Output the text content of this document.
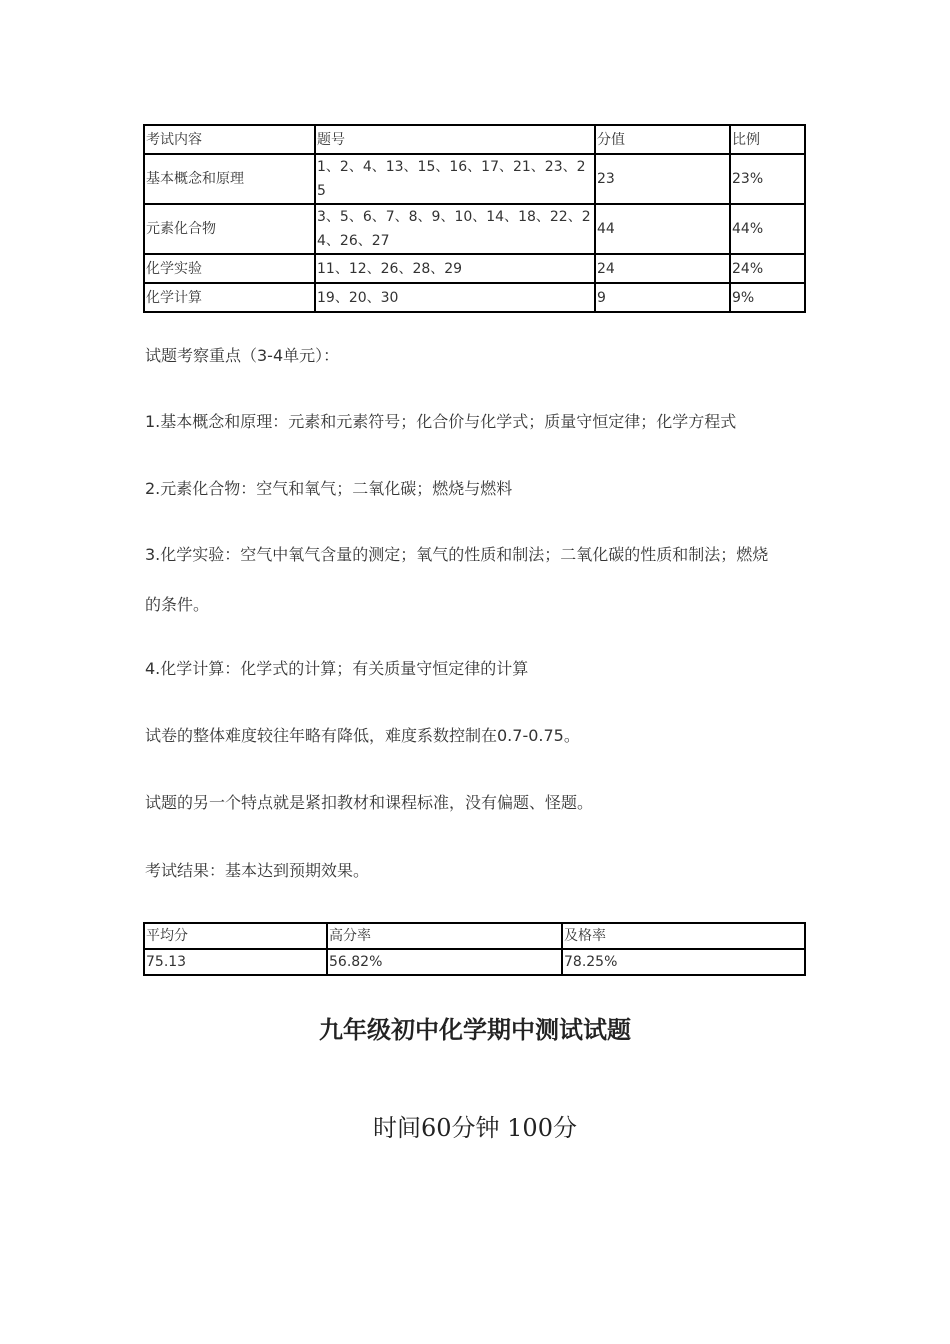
考试内容	题号	分值	比例
基本概念和原理	1、2、4、13、15、16、17、21、23、25	23	23%
元素化合物	3、5、6、7、8、9、10、14、18、22、24、26、27	44	44%
化学实验	11、12、26、28、29	24	24%
化学计算	19、20、30	9	9%

试题考察重点（3-4单元）：

1.基本概念和原理：元素和元素符号；化合价与化学式；质量守恒定律；化学方程式

2.元素化合物：空气和氧气；二氧化碳；燃烧与燃料

3.化学实验：空气中氧气含量的测定；氧气的性质和制法；二氧化碳的性质和制法；燃烧

的条件。

4.化学计算：化学式的计算；有关质量守恒定律的计算

试卷的整体难度较往年略有降低，难度系数控制在0.7-0.75。

试题的另一个特点就是紧扣教材和课程标准，没有偏题、怪题。

考试结果：基本达到预期效果。

平均分	高分率	及格率
75.13	56.82%	78.25%
九年级初中化学期中测试试题
时间60分钟 100分
